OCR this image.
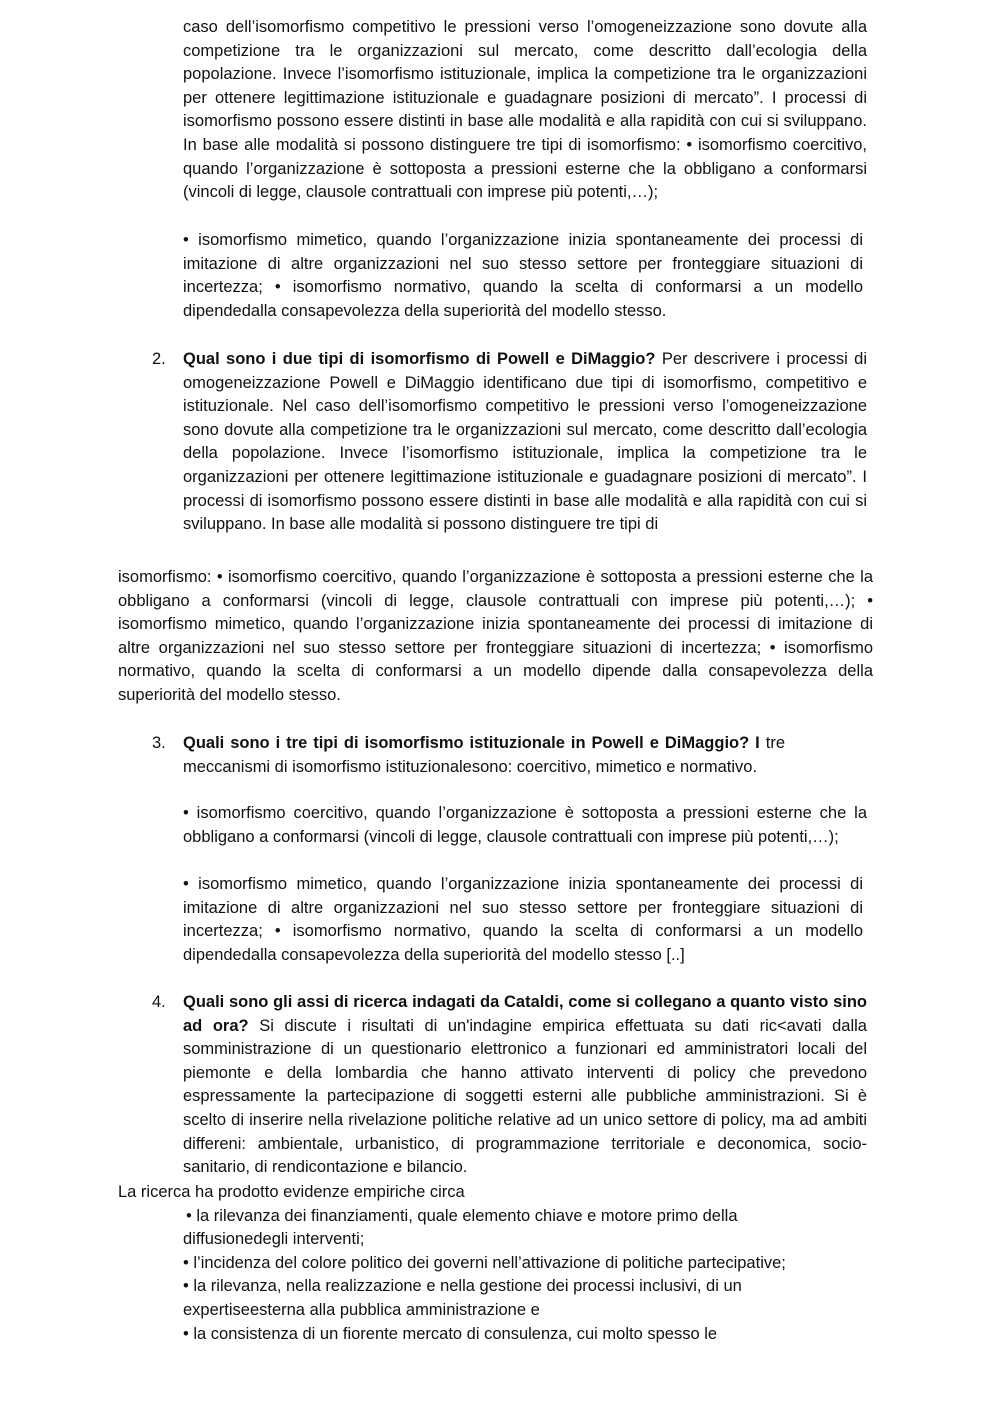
caso dell’isomorfismo competitivo le pressioni verso l’omogeneizzazione sono dovute alla competizione tra le organizzazioni sul mercato, come descritto dall’ecologia della popolazione. Invece l’isomorfismo istituzionale, implica la competizione tra le organizzazioni per ottenere legittimazione istituzionale e guadagnare posizioni di mercato”. I processi di isomorfismo possono essere distinti in base alle modalità e alla rapidità con cui si sviluppano. In base alle modalità si possono distinguere tre tipi di isomorfismo: • isomorfismo coercitivo, quando l’organizzazione è sottoposta a pressioni esterne che la obbligano a conformarsi (vincoli di legge, clausole contrattuali con imprese più potenti,…);

• isomorfismo mimetico, quando l’organizzazione inizia spontaneamente dei processi di imitazione di altre organizzazioni nel suo stesso settore per fronteggiare situazioni di incertezza; • isomorfismo normativo, quando la scelta di conformarsi a un modello dipendedalla consapevolezza della superiorità del modello stesso.

2.	Qual sono i due tipi di isomorfismo di Powell e DiMaggio? Per descrivere i processi di omogeneizzazione Powell e DiMaggio identificano due tipi di isomorfismo, competitivo e istituzionale. Nel caso dell’isomorfismo competitivo le pressioni verso l’omogeneizzazione sono dovute alla competizione tra le organizzazioni sul mercato, come descritto dall’ecologia della popolazione. Invece l’isomorfismo istituzionale, implica la competizione tra le organizzazioni per ottenere legittimazione istituzionale e guadagnare posizioni di mercato”. I processi di isomorfismo possono essere distinti in base alle modalità e alla rapidità con cui si sviluppano. In base alle modalità si possono distinguere tre tipi di

isomorfismo: • isomorfismo coercitivo, quando l’organizzazione è sottoposta a pressioni esterne che la obbligano a conformarsi (vincoli di legge, clausole contrattuali con imprese più potenti,…); • isomorfismo mimetico, quando l’organizzazione inizia spontaneamente dei processi di imitazione di altre organizzazioni nel suo stesso settore per fronteggiare situazioni di incertezza; • isomorfismo normativo, quando la scelta di conformarsi a un modello dipende dalla consapevolezza della superiorità del modello stesso.

3.	Quali sono i tre tipi di isomorfismo istituzionale in Powell e DiMaggio? I tre meccanismi di isomorfismo istituzionalesono: coercitivo, mimetico e normativo.

• isomorfismo coercitivo, quando l’organizzazione è sottoposta a pressioni esterne che la obbligano a conformarsi (vincoli di legge, clausole contrattuali con imprese più potenti,…);

• isomorfismo mimetico, quando l’organizzazione inizia spontaneamente dei processi di imitazione di altre organizzazioni nel suo stesso settore per fronteggiare situazioni di incertezza; • isomorfismo normativo, quando la scelta di conformarsi a un modello dipendedalla consapevolezza della superiorità del modello stesso [..]

4.	Quali sono gli assi di ricerca indagati da Cataldi, come si collegano a quanto visto sino ad ora? Si discute i risultati di un'indagine empirica effettuata su dati ric<avati dalla somministrazione di un questionario elettronico a funzionari ed amministratori locali del piemonte e della lombardia che hanno attivato interventi di policy che prevedono espressamente la partecipazione di soggetti esterni alle pubbliche amministrazioni. Si è scelto di inserire nella rivelazione politiche relative ad un unico settore di policy, ma ad ambiti differeni: ambientale, urbanistico, di programmazione territoriale e deconomica, socio-sanitario, di rendicontazione e bilancio.

La ricerca ha prodotto evidenze empiriche circa

• la rilevanza dei finanziamenti, quale elemento chiave e motore primo della

diffusionedegli interventi;

• l’incidenza del colore politico dei governi nell’attivazione di politiche partecipative;

• la rilevanza, nella realizzazione e nella gestione dei processi inclusivi, di un

expertiseesterna alla pubblica amministrazione e

• la consistenza di un fiorente mercato di consulenza, cui molto spesso le
